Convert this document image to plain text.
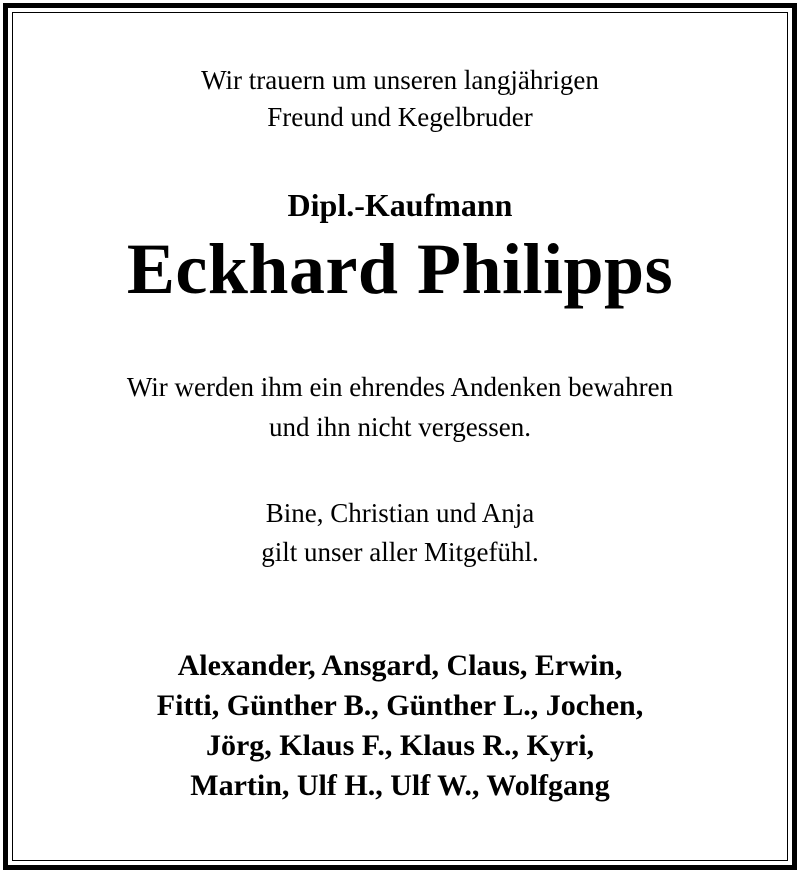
Wir trauern um unseren langjährigen
Freund und Kegelbruder
Dipl.-Kaufmann
Eckhard Philipps
Wir werden ihm ein ehrendes Andenken bewahren
und ihn nicht vergessen.
Bine, Christian und Anja
gilt unser aller Mitgefühl.
Alexander, Ansgard, Claus, Erwin,
Fitti, Günther B., Günther L., Jochen,
Jörg, Klaus F., Klaus R., Kyri,
Martin, Ulf H., Ulf W., Wolfgang
